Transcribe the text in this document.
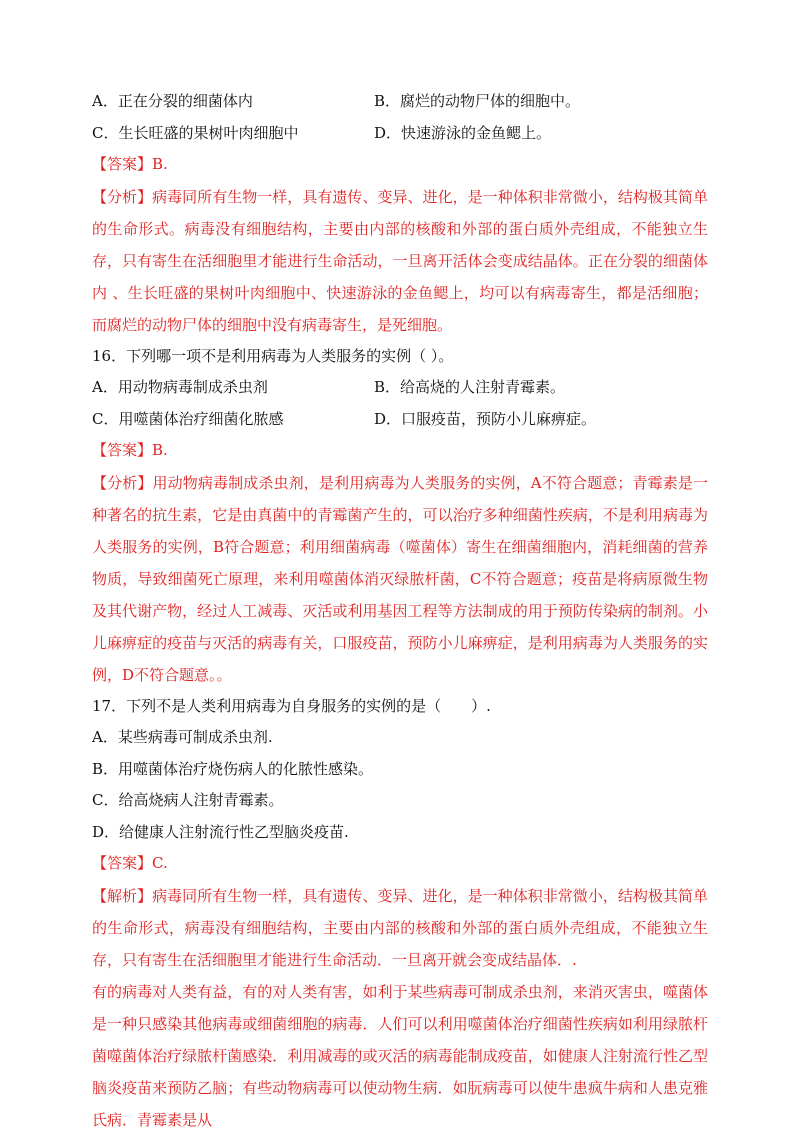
A．正在分裂的细菌体内	B．腐烂的动物尸体的细胞中。
C．生长旺盛的果树叶肉细胞中	D．快速游泳的金鱼鳃上。
【答案】B.

【分析】病毒同所有生物一样，具有遗传、变异、进化，是一种体积非常微小，结构极其简单的生命形式。病毒没有细胞结构，主要由内部的核酸和外部的蛋白质外壳组成，不能独立生存，只有寄生在活细胞里才能进行生命活动，一旦离开活体会变成结晶体。正在分裂的细菌体内 、生长旺盛的果树叶肉细胞中、快速游泳的金鱼鳃上，均可以有病毒寄生，都是活细胞；而腐烂的动物尸体的细胞中没有病毒寄生，是死细胞。

16．下列哪一项不是利用病毒为人类服务的实例（ ）。
A．用动物病毒制成杀虫剂	B．给高烧的人注射青霉素。
C．用噬菌体治疗细菌化脓感	D．口服疫苗，预防小儿麻痹症。
【答案】B.

【分析】用动物病毒制成杀虫剂，是利用病毒为人类服务的实例，A不符合题意；青霉素是一种著名的抗生素，它是由真菌中的青霉菌产生的，可以治疗多种细菌性疾病，不是利用病毒为人类服务的实例，B符合题意；利用细菌病毒（噬菌体）寄生在细菌细胞内，消耗细菌的营养物质，导致细菌死亡原理，来利用噬菌体消灭绿脓杆菌，C不符合题意；疫苗是将病原微生物及其代谢产物，经过人工减毒、灭活或利用基因工程等方法制成的用于预防传染病的制剂。小儿麻痹症的疫苗与灭活的病毒有关，口服疫苗，预防小儿麻痹症，是利用病毒为人类服务的实例，D不符合题意。。

17．下列不是人类利用病毒为自身服务的实例的是（　　）.
A．某些病毒可制成杀虫剂.
B．用噬菌体治疗烧伤病人的化脓性感染。
C．给高烧病人注射青霉素。
D．给健康人注射流行性乙型脑炎疫苗.
【答案】C.

【解析】病毒同所有生物一样，具有遗传、变异、进化，是一种体积非常微小，结构极其简单的生命形式，病毒没有细胞结构，主要由内部的核酸和外部的蛋白质外壳组成，不能独立生存，只有寄生在活细胞里才能进行生命活动．一旦离开就会变成结晶体．.

有的病毒对人类有益，有的对人类有害，如利于某些病毒可制成杀虫剂，来消灭害虫，噬菌体是一种只感染其他病毒或细菌细胞的病毒．人们可以利用噬菌体治疗细菌性疾病如利用绿脓杆菌噬菌体治疗绿脓杆菌感染．利用减毒的或灭活的病毒能制成疫苗，如健康人注射流行性乙型脑炎疫苗来预防乙脑；有些动物病毒可以使动物生病．如朊病毒可以使牛患疯牛病和人患克雅氏病．青霉素是从
